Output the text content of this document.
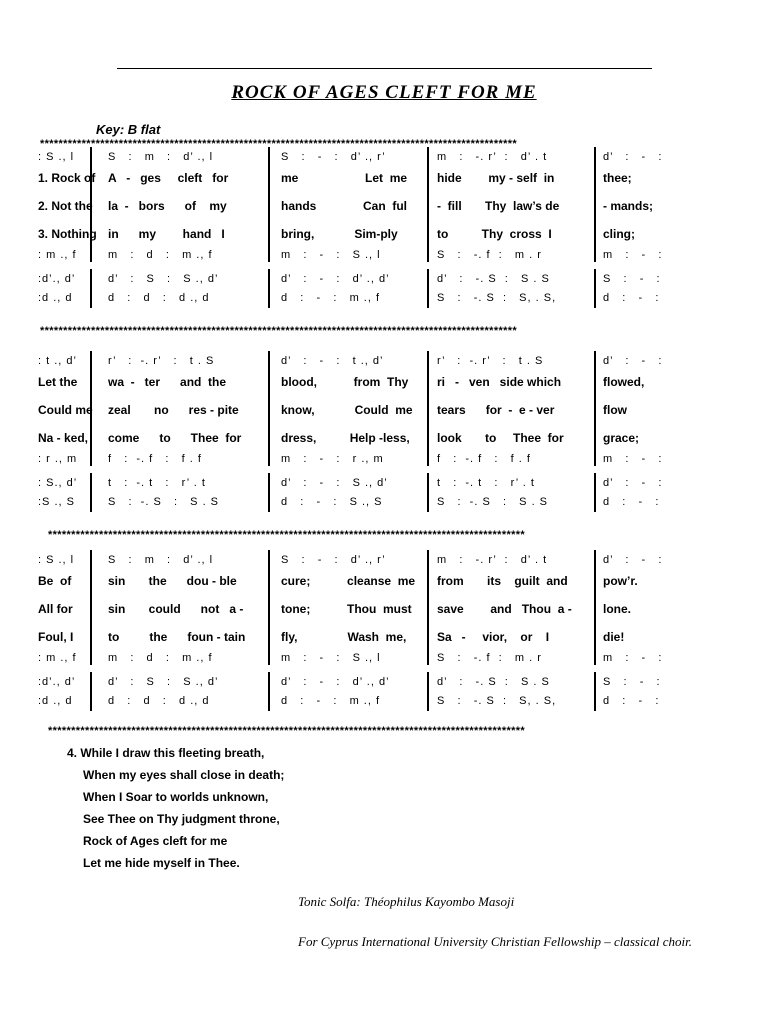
ROCK OF AGES CLEFT FOR ME
Key: B flat
*******************************************************************************************************
*******************************************************************************************************
*******************************************************************************************************
*******************************************************************************************************
: S ., l	S   :   m   :   d’ ., l	S   :   -   :   d’ ., r’	m   :   -. r’  :   d’ . t	d’   :   -   :
1. Rock of A   -   ges     cleft   for	me                    Let  me hide        my - self  in	thee;
2. Not the la  -   bors      of    my	hands              Can  ful -  fill       Thy  law’s de	- mands;
3. Nothing in      my        hand   I	bring,            Sim-ply	to          Thy  cross  I	cling;
: m ., f	m   :   d   :   m ., f	m   :   -   :   S ., l	S   :   -. f  :   m . r	m   :   -   :
:d’., d’	d’   :   S   :   S ., d’	d’   :   -   :   d’ ., d’	d’   :   -. S  :   S . S	S   :   -   :
:d ., d	d   :   d   :   d ., d	d   :   -   :   m ., f	S   :   -. S  :   S, . S,	d   :   -   :
: t ., d’	r’   :  -. r’   :   t . S	d’   :   -   :   t ., d’	r’   :  -. r’   :   t . S	d’   :   -   :
Let the	wa  -   ter      and  the	blood,           from  Thy ri   -   ven   side which	flowed,
Could me zeal       no      res - pite	know,            Could  me tears      for  -  e - ver	flow
Na - ked, come      to      Thee  for	dress,          Help -less, look       to     Thee  for	grace;
: r ., m	f   :  -. f   :   f . f	m   :   -   :   r ., m	f   :  -. f   :   f . f	m   :   -   :
: S., d’	t   :  -. t   :   r’ . t	d’   :   -   :   S ., d’	t   :  -. t   :   r’ . t	d’   :   -   :
:S ., S	S   :  -. S   :   S . S	d   :   -   :   S ., S	S   :  -. S   :   S . S	d   :   -   :
: S ., l	S   :   m   :   d’ ., l	S   :   -   :   d’ ., r’	m   :   -. r’  :   d’ . t	d’   :   -   :
Be  of	sin       the      dou - ble	cure;           cleanse  me from       its    guilt  and	pow’r.
All for	sin       could      not   a -	tone;           Thou  must save        and   Thou  a -	lone.
Foul, I	to         the      foun - tain	fly,               Wash  me,	Sa   -     vior,    or    I	die!
: m ., f	m   :   d   :   m ., f	m   :   -   :   S ., l	S   :   -. f  :   m . r	m   :   -   :
:d’., d’	d’   :   S   :   S ., d’	d’   :   -   :   d’ ., d’	d’   :   -. S  :   S . S	S   :   -   :
:d ., d	d   :   d   :   d ., d	d   :   -   :   m ., f	S   :   -. S  :   S, . S,	d   :   -   :
4. While I draw this fleeting breath,
When my eyes shall close in death;
When I Soar to worlds unknown,
See Thee on Thy judgment throne,
Rock of Ages cleft for me
Let me hide myself in Thee.
Tonic Solfa: Théophilus Kayombo Masoji
For Cyprus International University Christian Fellowship – classical choir.
